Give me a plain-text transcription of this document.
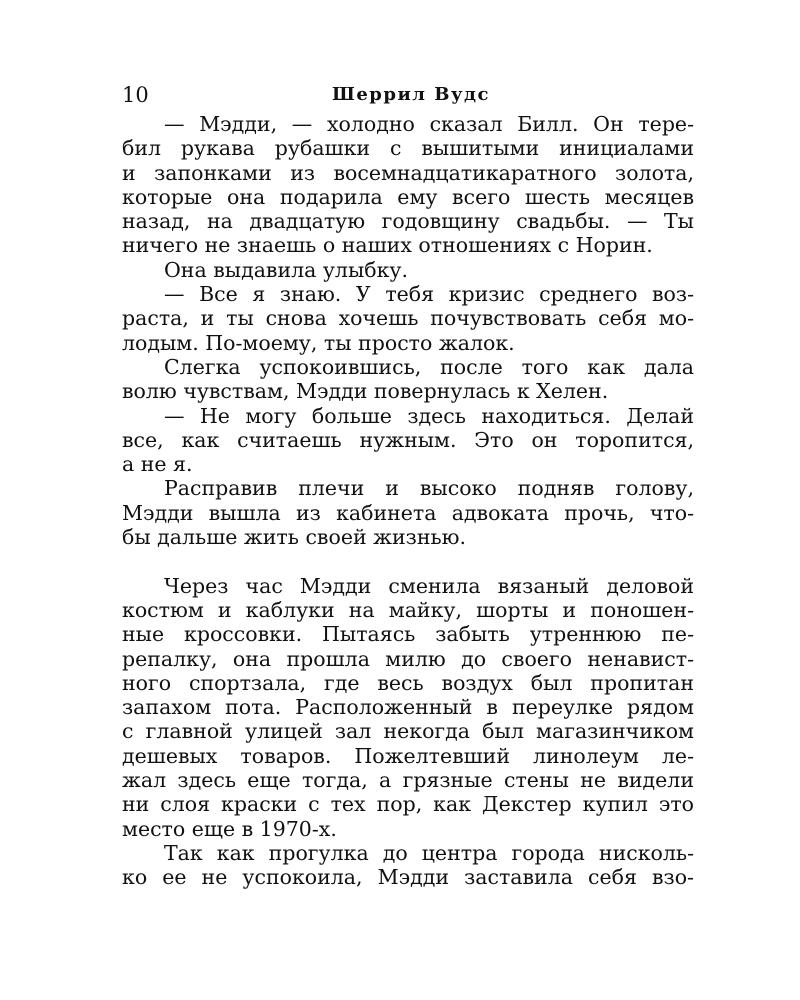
10	Шеррил Вудс
— Мэдди, — холодно сказал Билл. Он тере-
бил рукава рубашки с вышитыми инициалами
и запонками из восемнадцатикаратного золота,
которые она подарила ему всего шесть месяцев
назад, на двадцатую годовщину свадьбы. — Ты
ничего не знаешь о наших отношениях с Норин.
Она выдавила улыбку.
— Все я знаю. У тебя кризис среднего воз-
раста, и ты снова хочешь почувствовать себя мо-
лодым. По-моему, ты просто жалок.
Слегка успокоившись, после того как дала
волю чувствам, Мэдди повернулась к Хелен.
— Не могу больше здесь находиться. Делай
все, как считаешь нужным. Это он торопится,
а не я.
Расправив плечи и высоко подняв голову,
Мэдди вышла из кабинета адвоката прочь, что-
бы дальше жить своей жизнью.
Через час Мэдди сменила вязаный деловой
костюм и каблуки на майку, шорты и поношен-
ные кроссовки. Пытаясь забыть утреннюю пе-
репалку, она прошла милю до своего ненавист-
ного спортзала, где весь воздух был пропитан
запахом пота. Расположенный в переулке рядом
с главной улицей зал некогда был магазинчиком
дешевых товаров. Пожелтевший линолеум ле-
жал здесь еще тогда, а грязные стены не видели
ни слоя краски с тех пор, как Декстер купил это
место еще в 1970-х.
Так как прогулка до центра города нисколь-
ко ее не успокоила, Мэдди заставила себя взо-
